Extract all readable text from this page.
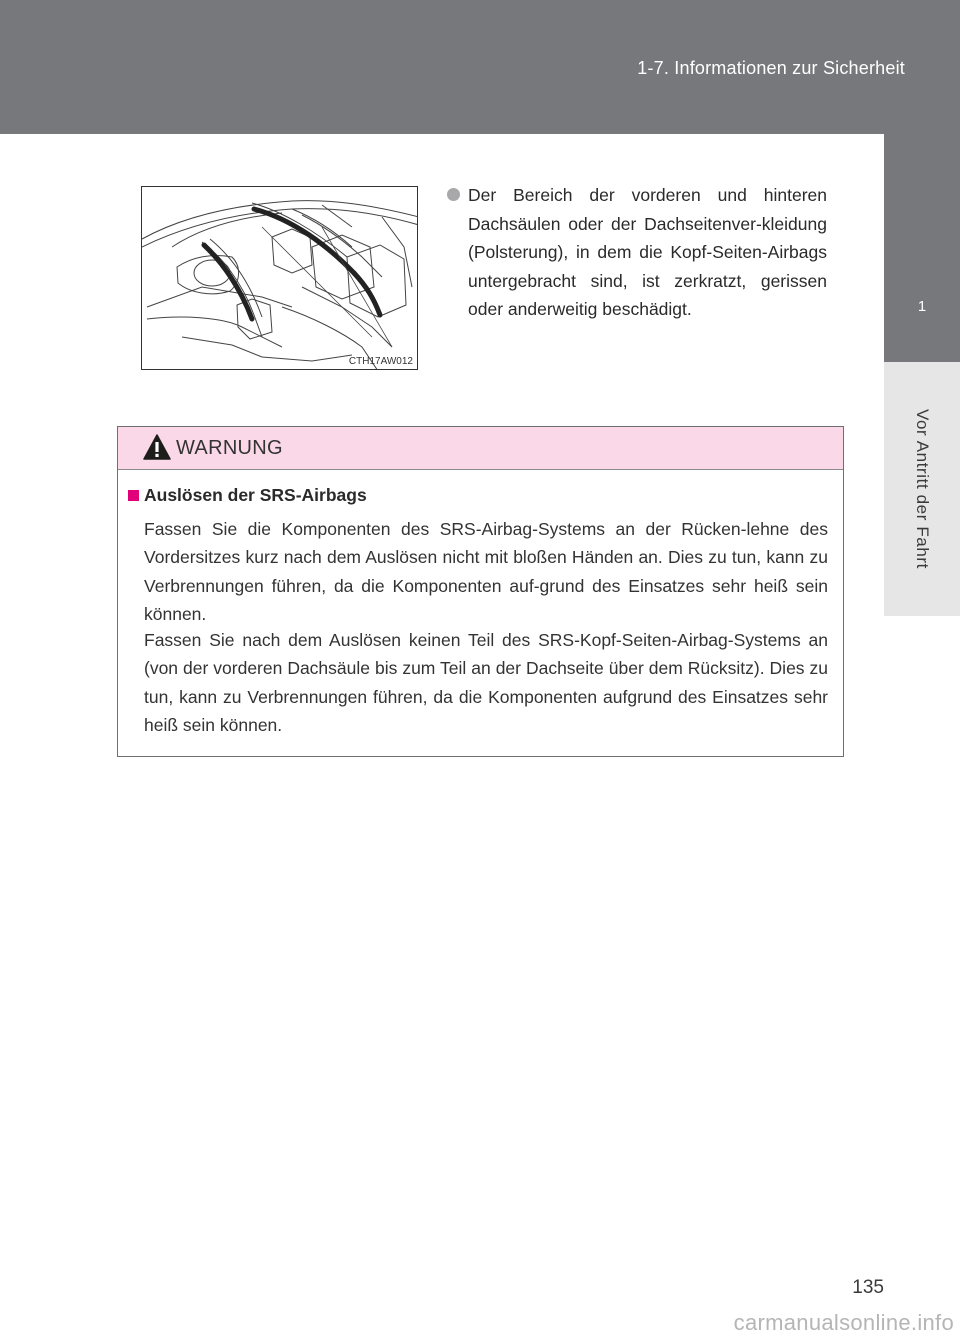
1-7. Informationen zur Sicherheit
1
Vor Antritt der Fahrt
CTH17AW012
Der Bereich der vorderen und hinteren Dachsäulen oder der Dachseitenver-kleidung (Polsterung), in dem die Kopf-Seiten-Airbags untergebracht sind, ist zerkratzt, gerissen oder anderweitig beschädigt.
WARNUNG
Auslösen der SRS-Airbags
Fassen Sie die Komponenten des SRS-Airbag-Systems an der Rücken-lehne des Vordersitzes kurz nach dem Auslösen nicht mit bloßen Händen an. Dies zu tun, kann zu Verbrennungen führen, da die Komponenten auf-grund des Einsatzes sehr heiß sein können.
Fassen Sie nach dem Auslösen keinen Teil des SRS-Kopf-Seiten-Airbag-Systems an (von der vorderen Dachsäule bis zum Teil an der Dachseite über dem Rücksitz). Dies zu tun, kann zu Verbrennungen führen, da die Komponenten aufgrund des Einsatzes sehr heiß sein können.
135
carmanualsonline.info
